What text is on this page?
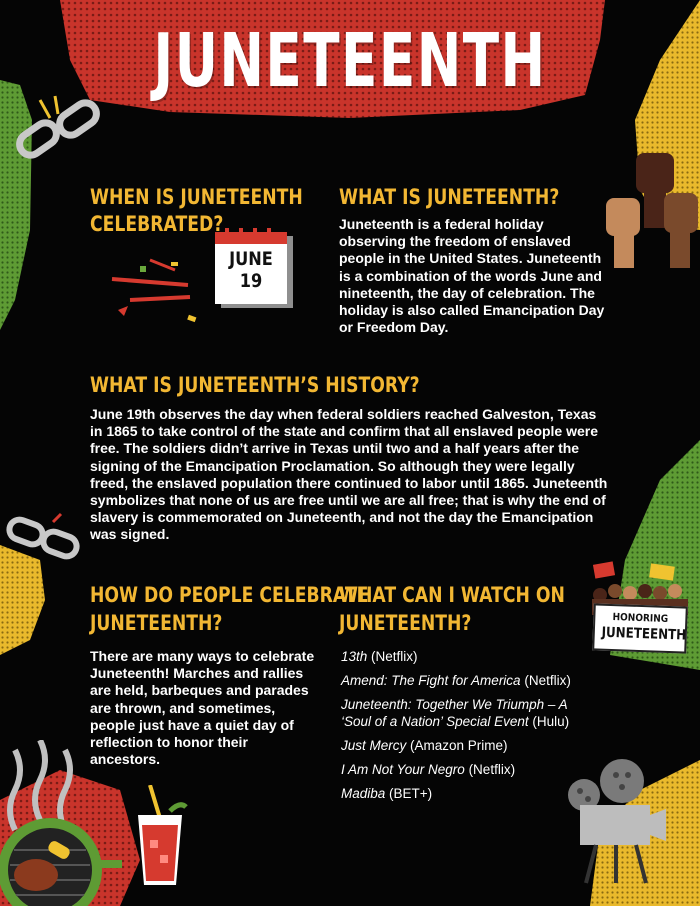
JUNE
19
HONORING
JUNETEENTH
JUNETEENTH
WHEN IS JUNETEENTH
CELEBRATED?
WHAT IS JUNETEENTH?
Juneteenth is a federal holiday observing the freedom of enslaved people in the United States. Juneteenth is a combination of the words June and nineteenth, the day of celebration. The holiday is also called Emancipation Day or Freedom Day.
WHAT IS JUNETEENTH’S HISTORY?
June 19th observes the day when federal soldiers reached Galveston, Texas in 1865 to take control of the state and confirm that all enslaved people were free. The soldiers didn’t arrive in Texas until two and a half years after the signing of the Emancipation Proclamation. So although they were legally freed, the enslaved population there continued to labor until 1865. Juneteenth symbolizes that none of us are free until we are all free; that is why the end of slavery is commemorated on Juneteenth, and not the day the Emancipation was signed.
HOW DO PEOPLE CELEBRATE
JUNETEENTH?
There are many ways to celebrate Juneteenth! Marches and rallies are held, barbeques and parades are thrown, and sometimes, people just have a quiet day of reflection to honor their ancestors.
WHAT CAN I WATCH ON
JUNETEENTH?
13th (Netflix)
Amend: The Fight for America (Netflix)
Juneteenth: Together We Triumph – A ‘Soul of a Nation’ Special Event (Hulu)
Just Mercy (Amazon Prime)
I Am Not Your Negro (Netflix)
Madiba (BET+)
